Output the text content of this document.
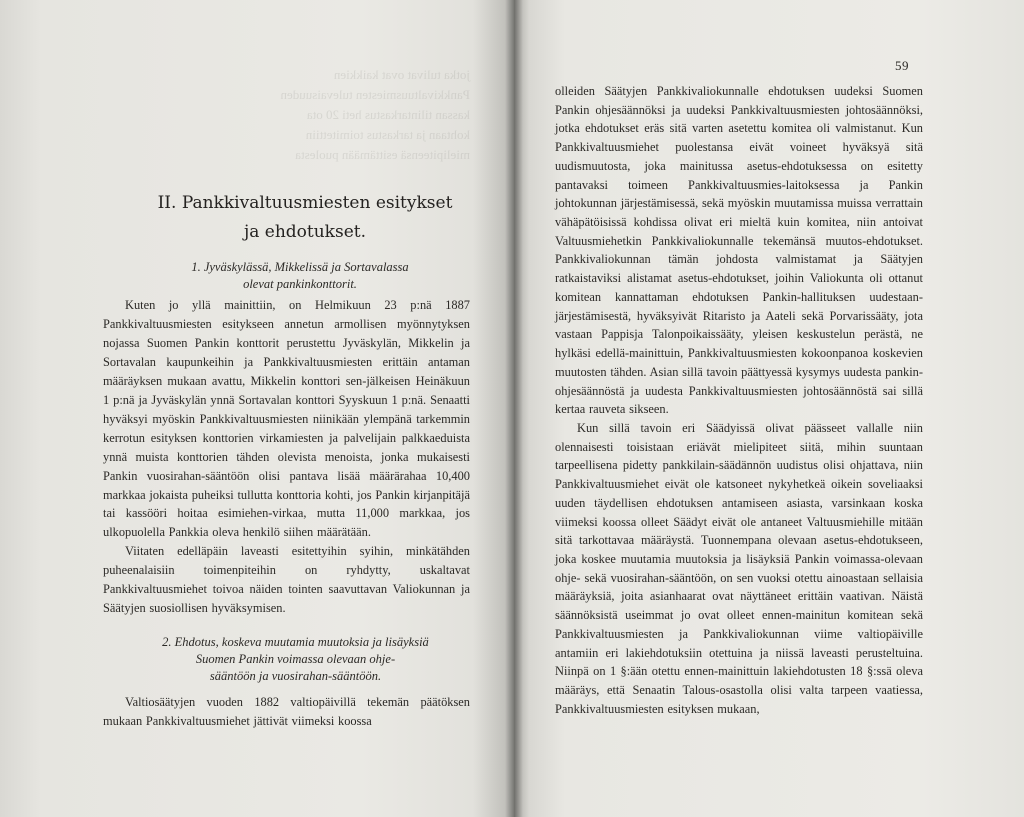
jotka tulivat ovat kaikkien
Pankkivaltuusmiesten tulevaisuuden
kassan tilintarkastus heti 20 ota
kohtaan ja tarkastus toimitettiin
mielipiteensä esittämään puolesta
II. Pankkivaltuusmiesten esitykset
ja ehdotukset.
1. Jyväskylässä, Mikkelissä ja Sortavalassa
olevat pankinkonttorit.

Kuten jo yllä mainittiin, on Helmikuun 23 p:nä 1887 Pankkivaltuusmiesten esitykseen annetun armollisen myönnytyksen nojassa Suomen Pankin konttorit perustettu Jyväskylän, Mikkelin ja Sortavalan kaupunkeihin ja Pankkivaltuusmiesten erittäin antaman määräyksen mukaan avattu, Mikkelin konttori sen-jälkeisen Heinäkuun 1 p:nä ja Jyväskylän ynnä Sortavalan konttori Syyskuun 1 p:nä. Senaatti hyväksyi myöskin Pankkivaltuusmiesten niinikään ylempänä tarkemmin kerrotun esityksen konttorien virkamiesten ja palvelijain palkkaeduista ynnä muista konttorien tähden olevista menoista, jonka mukaisesti Pankin vuosirahan-sääntöön olisi pantava lisää määrärahaa 10,400 markkaa jokaista puheiksi tullutta konttoria kohti, jos Pankin kirjanpitäjä tai kassööri hoitaa esimiehen-virkaa, mutta 11,000 markkaa, jos ulkopuolella Pankkia oleva henkilö siihen määrätään.

Viitaten edelläpäin laveasti esitettyihin syihin, minkätähden puheenalaisiin toimenpiteihin on ryhdytty, uskaltavat Pankkivaltuusmiehet toivoa näiden tointen saavuttavan Valiokunnan ja Säätyjen suosiollisen hyväksymisen.

2. Ehdotus, koskeva muutamia muutoksia ja lisäyksiä
Suomen Pankin voimassa olevaan ohje-
sääntöön ja vuosirahan-sääntöön.

Valtiosäätyjen vuoden 1882 valtiopäivillä tekemän päätöksen mukaan Pankkivaltuusmiehet jättivät viimeksi koossa

59

olleiden Säätyjen Pankkivaliokunnalle ehdotuksen uudeksi Suomen Pankin ohjesäännöksi ja uudeksi Pankkivaltuusmiesten johtosäännöksi, jotka ehdotukset eräs sitä varten asetettu komitea oli valmistanut. Kun Pankkivaltuusmiehet puolestansa eivät voineet hyväksyä sitä uudismuutosta, joka mainitussa asetus-ehdotuksessa on esitetty pantavaksi toimeen Pankkivaltuusmies-laitoksessa ja Pankin johtokunnan järjestämisessä, sekä myöskin muutamissa muissa verrattain vähäpätöisissä kohdissa olivat eri mieltä kuin komitea, niin antoivat Valtuusmiehetkin Pankkivaliokunnalle tekemänsä muutos-ehdotukset. Pankkivaliokunnan tämän johdosta valmistamat ja Säätyjen ratkaistaviksi alistamat asetus-ehdotukset, joihin Valiokunta oli ottanut komitean kannattaman ehdotuksen Pankin-hallituksen uudestaan-järjestämisestä, hyväksyivät Ritaristo ja Aateli sekä Porvarissääty, jota vastaan Pappisja Talonpoikaissääty, yleisen keskustelun perästä, ne hylkäsi edellä-mainittuin, Pankkivaltuusmiesten kokoonpanoa koskevien muutosten tähden. Asian sillä tavoin päättyessä kysymys uudesta pankin-ohjesäännöstä ja uudesta Pankkivaltuusmiesten johtosäännöstä sai sillä kertaa rauveta sikseen.

Kun sillä tavoin eri Säädyissä olivat päässeet vallalle niin olennaisesti toisistaan eriävät mielipiteet siitä, mihin suuntaan tarpeellisena pidetty pankkilain-säädännön uudistus olisi ohjattava, niin Pankkivaltuusmiehet eivät ole katsoneet nykyhetkeä oikein soveliaaksi uuden täydellisen ehdotuksen antamiseen asiasta, varsinkaan koska viimeksi koossa olleet Säädyt eivät ole antaneet Valtuusmiehille mitään sitä tarkottavaa määräystä. Tuonnempana olevaan asetus-ehdotukseen, joka koskee muutamia muutoksia ja lisäyksiä Pankin voimassa-olevaan ohje- sekä vuosirahan-sääntöön, on sen vuoksi otettu ainoastaan sellaisia määräyksiä, joita asianhaarat ovat näyttäneet erittäin vaativan. Näistä säännöksistä useimmat jo ovat olleet ennen-mainitun komitean sekä Pankkivaltuusmiesten ja Pankkivaliokunnan viime valtiopäiville antamiin eri lakiehdotuksiin otettuina ja niissä laveasti perusteltuina. Niinpä on 1 §:ään otettu ennen-mainittuin lakiehdotusten 18 §:ssä oleva määräys, että Senaatin Talous-osastolla olisi valta tarpeen vaatiessa, Pankkivaltuusmiesten esityksen mukaan,
